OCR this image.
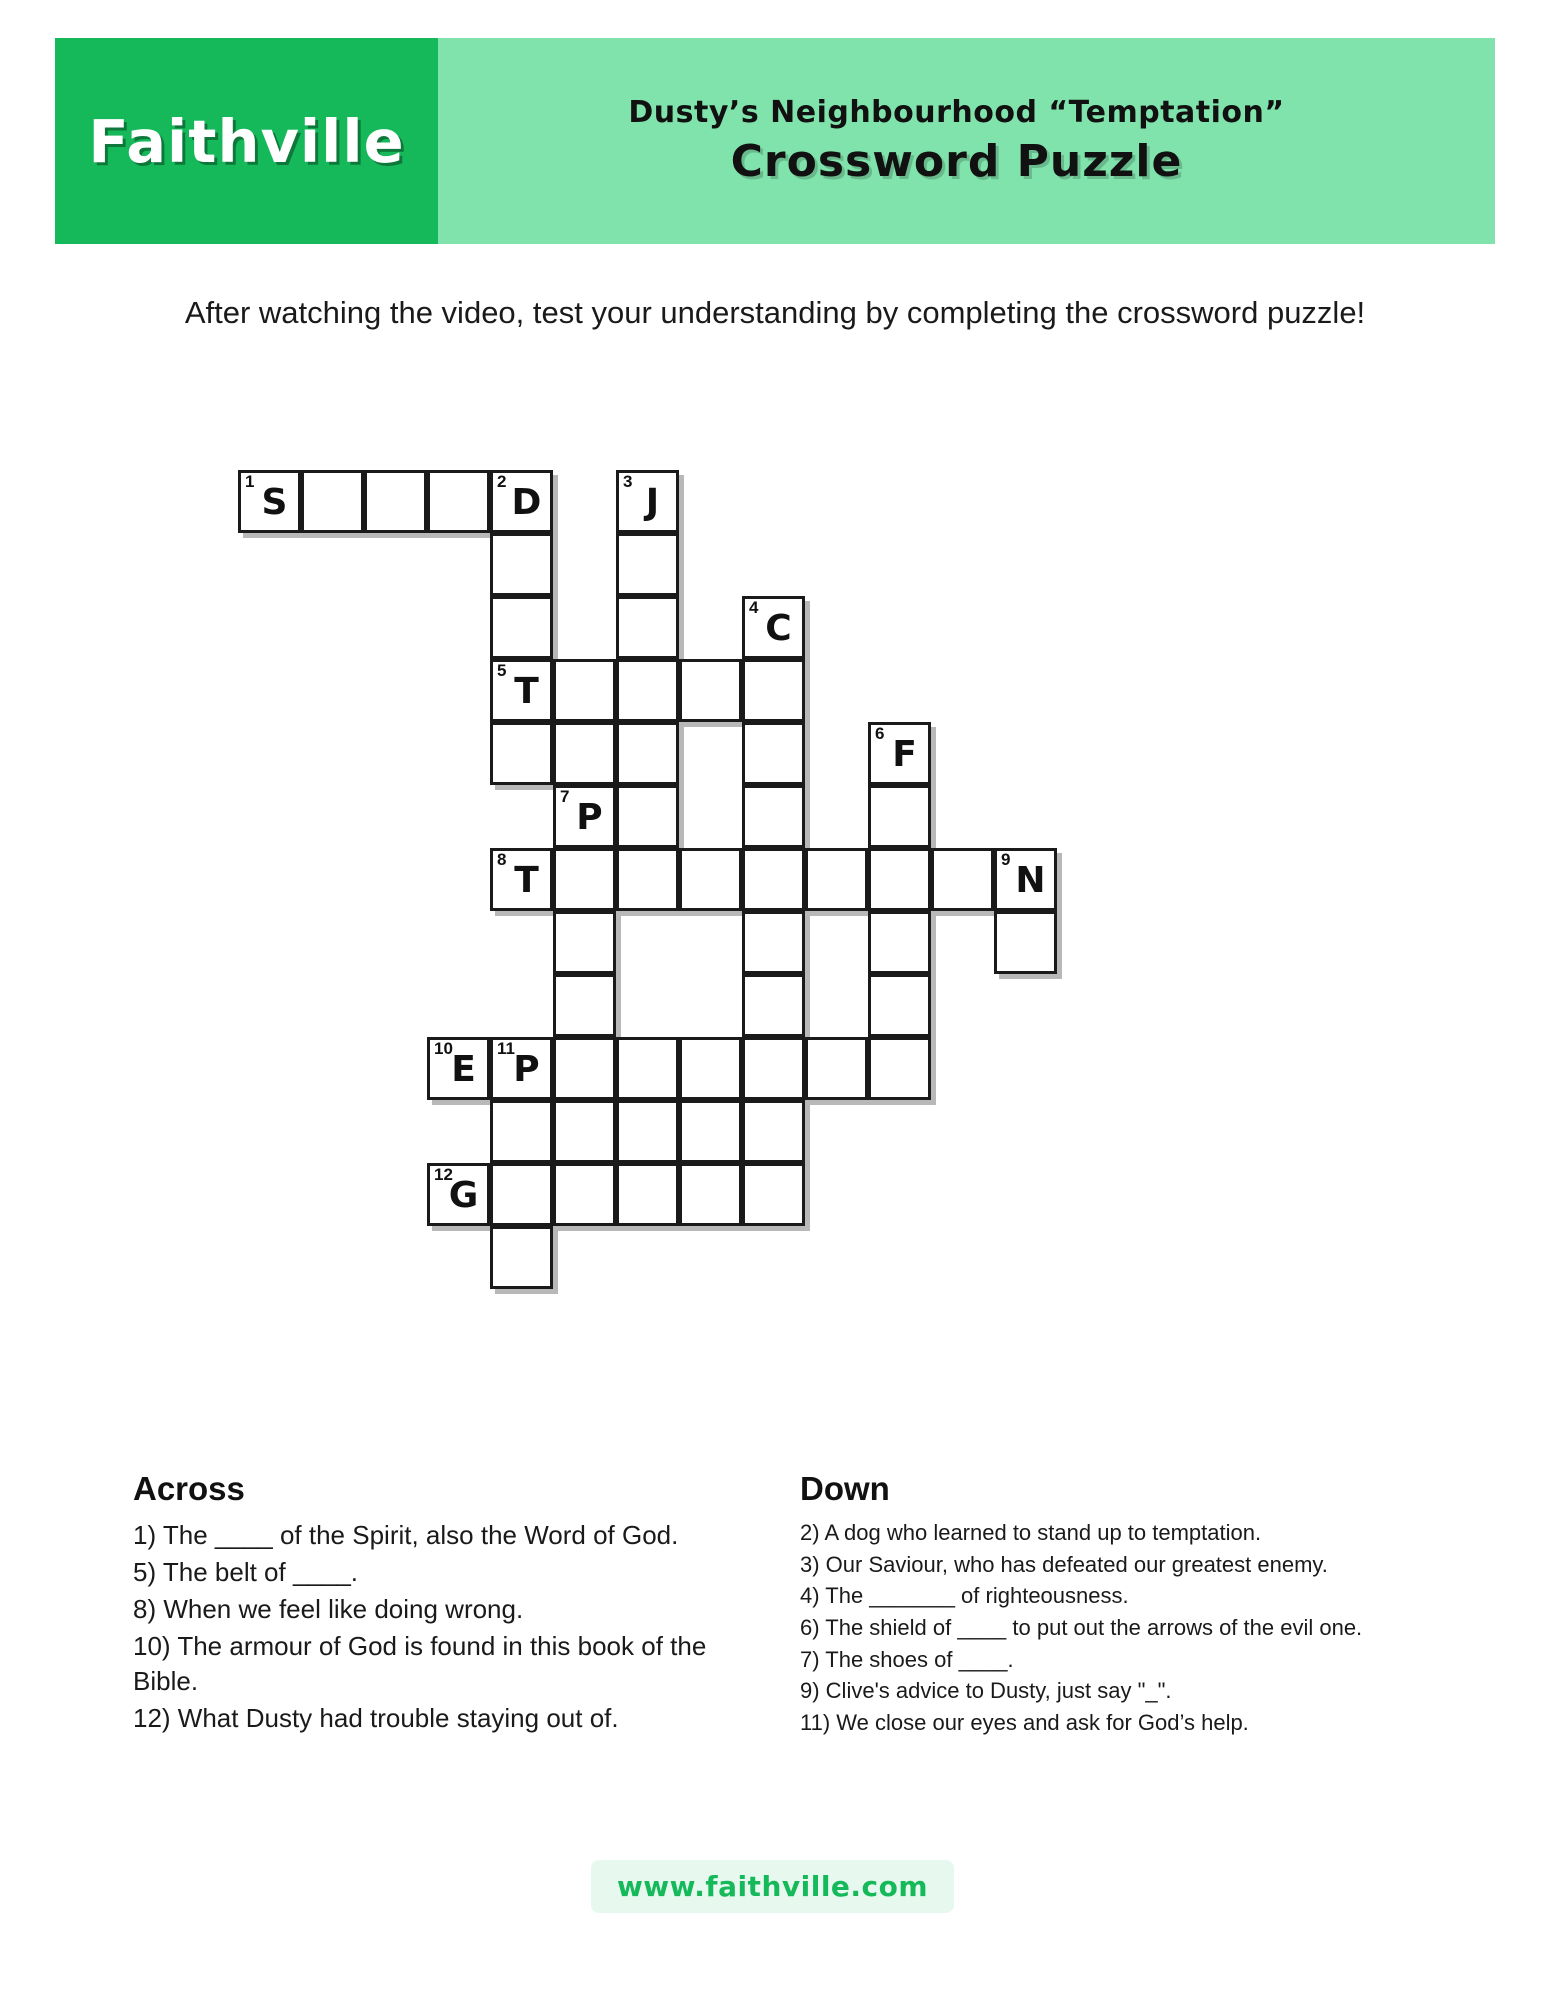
Faithville	Dusty’s Neighbourhood “Temptation”
Crossword Puzzle
After watching the video, test your understanding by completing the crossword puzzle!
1
S
2
D
3
J
4
C
5
T
6
F
7
P
8
T
9
N
10
E
11
P
12
G
Across
1) The ____ of the Spirit, also the Word of God.
5) The belt of ____.
8) When we feel like doing wrong.
10) The armour of God is found in this book of the Bible.
12) What Dusty had trouble staying out of.
Down
2) A dog who learned to stand up to temptation.
3) Our Saviour, who has defeated our greatest enemy.
4) The _______ of righteousness.
6) The shield of ____ to put out the arrows of the evil one.
7) The shoes of ____.
9) Clive's advice to Dusty, just say "_".
11) We close our eyes and ask for God’s help.
www.faithville.com
